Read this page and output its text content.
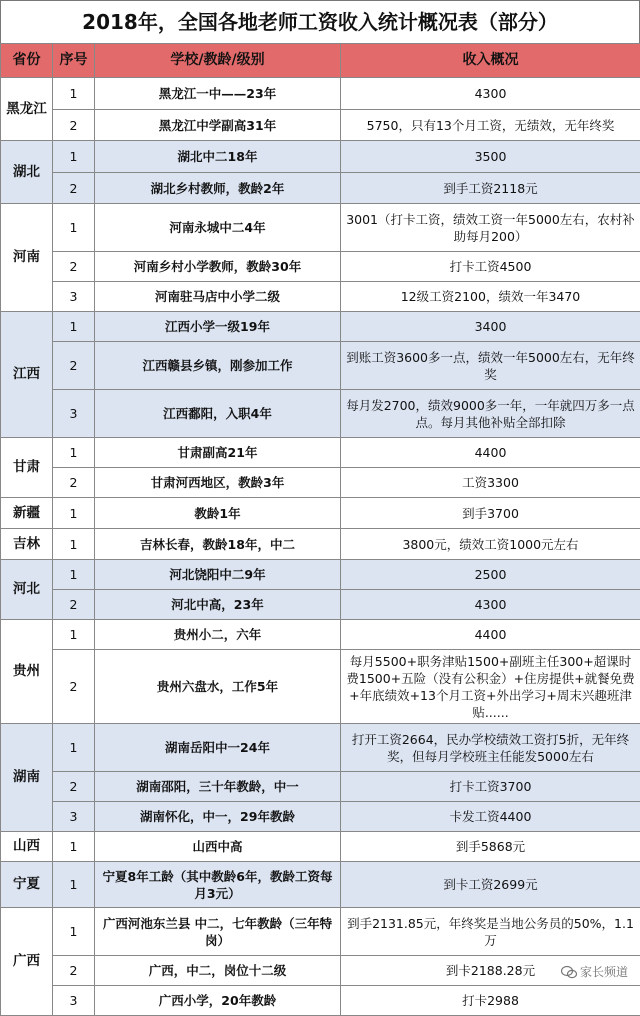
2018年，全国各地老师工资收入统计概况表（部分）
省份	序号	学校/教龄/级别	收入概况
黑龙江	1	黑龙江一中——23年	4300
	2	黑龙江中学副高31年	5750，只有13个月工资，无绩效，无年终奖
湖北	1	湖北中二18年	3500
	2	湖北乡村教师，教龄2年	到手工资2118元
河南	1	河南永城中二4年	3001（打卡工资，绩效工资一年5000左右，农村补助每月200）
	2	河南乡村小学教师，教龄30年	打卡工资4500
	3	河南驻马店中小学二级	12级工资2100，绩效一年3470
江西	1	江西小学一级19年	3400
	2	江西赣县乡镇，刚参加工作	到账工资3600多一点，绩效一年5000左右，无年终奖
	3	江西鄱阳，入职4年	每月发2700，绩效9000多一年，一年就四万多一点点。每月其他补贴全部扣除
甘肃	1	甘肃副高21年	4400
	2	甘肃河西地区，教龄3年	工资3300
新疆	1	教龄1年	到手3700
吉林	1	吉林长春，教龄18年，中二	3800元，绩效工资1000元左右
河北	1	河北饶阳中二9年	2500
	2	河北中高，23年	4300
贵州	1	贵州小二，六年	4400
	2	贵州六盘水，工作5年	每月5500+职务津贴1500+副班主任300+超课时费1500+五险（没有公积金）+住房提供+就餐免费+年底绩效+13个月工资+外出学习+周末兴趣班津贴......
湖南	1	湖南岳阳中一24年	打开工资2664，民办学校绩效工资打5折，无年终奖，但每月学校班主任能发5000左右
	2	湖南邵阳，三十年教龄，中一	打卡工资3700
	3	湖南怀化，中一，29年教龄	卡发工资4400
山西	1	山西中高	到手5868元
宁夏	1	宁夏8年工龄（其中教龄6年，教龄工资每月3元）	到卡工资2699元
广西	1	广西河池东兰县 中二，七年教龄（三年特岗）	到手2131.85元，年终奖是当地公务员的50%，1.1万
	2	广西，中二，岗位十二级	到卡2188.28元
	3	广西小学，20年教龄	打卡2988
家长频道
